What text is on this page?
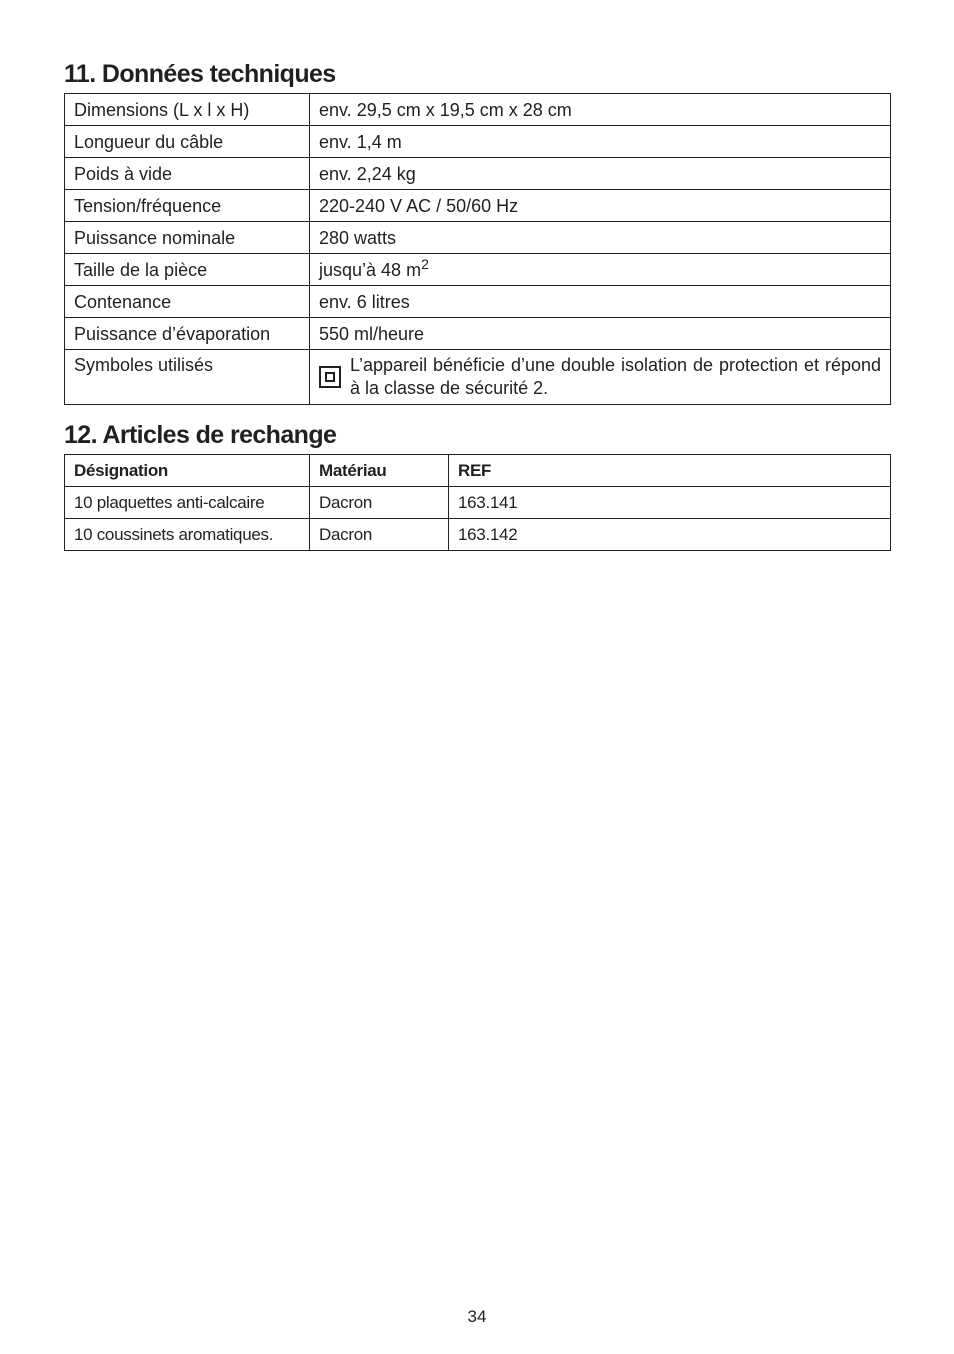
11. Données techniques
Dimensions (L x l x H)	env. 29,5 cm x 19,5 cm x 28 cm
Longueur du câble	env. 1,4 m
Poids à vide	env. 2,24 kg
Tension/fréquence	220-240 V AC / 50/60 Hz
Puissance nominale	280 watts
Taille de la pièce	jusqu’à 48 $m^2$
Contenance	env. 6 litres
Puissance d’évaporation	550 ml/heure
Symboles utilisés	L’appareil bénéficie d’une double isolation de protection et répond à la classe de sécurité 2.
12. Articles de rechange
Désignation	Matériau	REF
10 plaquettes anti-calcaire	Dacron	163.141
10 coussinets aromatiques.	Dacron	163.142
34
